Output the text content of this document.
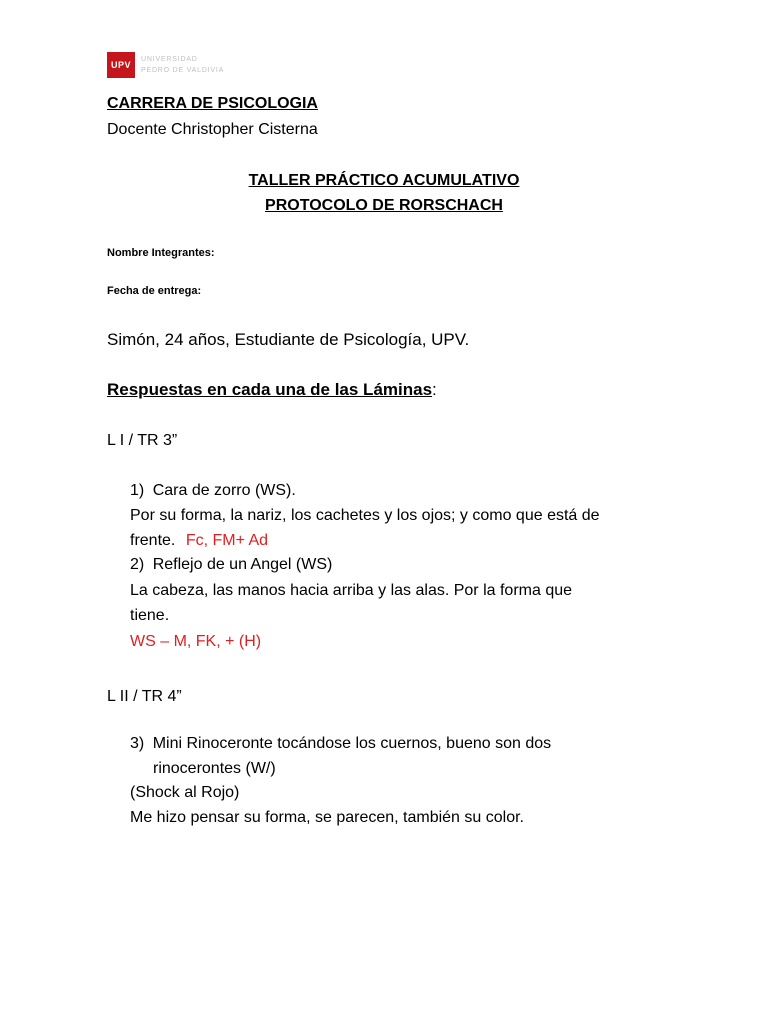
UPV
UNIVERSIDAD
PEDRO DE VALDIVIA
CARRERA DE PSICOLOGIA
Docente Christopher Cisterna
TALLER PRÁCTICO ACUMULATIVO
PROTOCOLO DE RORSCHACH
Nombre Integrantes:
Fecha de entrega:
Simón, 24 años, Estudiante de Psicología, UPV.
Respuestas en cada una de las Láminas:
L I / TR 3”
1) Cara de zorro (WS).
Por su forma, la nariz, los cachetes y los ojos; y como que está de
frente. Fc, FM+ Ad
2) Reflejo de un Angel (WS)
La cabeza, las manos hacia arriba y las alas. Por la forma que
tiene.
WS – M, FK, + (H)
L II / TR 4”
3) Mini Rinoceronte tocándose los cuernos, bueno son dos
rinocerontes (W/)
(Shock al Rojo)
Me hizo pensar su forma, se parecen, también su color.
